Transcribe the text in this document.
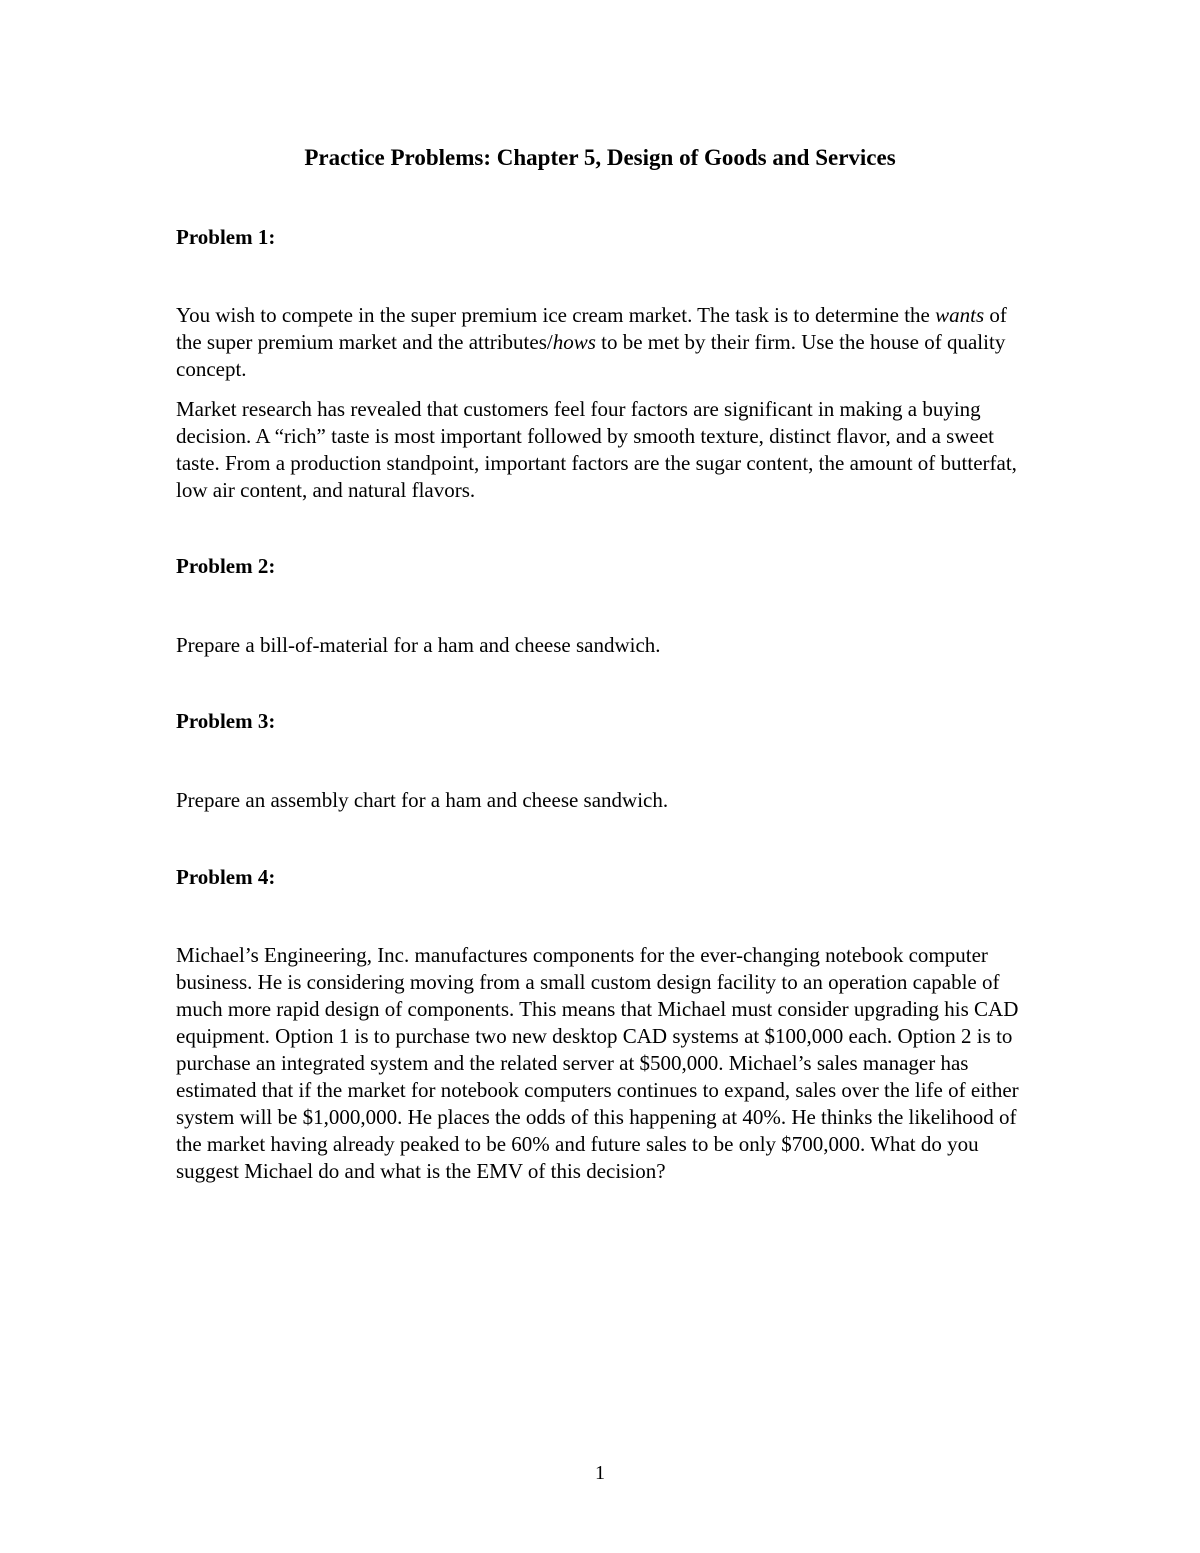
Practice Problems: Chapter 5, Design of Goods and Services
Problem 1:

You wish to compete in the super premium ice cream market. The task is to determine the wants of the super premium market and the attributes/hows to be met by their firm. Use the house of quality concept.

Market research has revealed that customers feel four factors are significant in making a buying decision. A “rich” taste is most important followed by smooth texture, distinct flavor, and a sweet taste. From a production standpoint, important factors are the sugar content, the amount of butterfat, low air content, and natural flavors.

Problem 2:

Prepare a bill-of-material for a ham and cheese sandwich.

Problem 3:

Prepare an assembly chart for a ham and cheese sandwich.

Problem 4:

Michael’s Engineering, Inc. manufactures components for the ever-changing notebook computer business. He is considering moving from a small custom design facility to an operation capable of much more rapid design of components. This means that Michael must consider upgrading his CAD equipment. Option 1 is to purchase two new desktop CAD systems at $100,000 each. Option 2 is to purchase an integrated system and the related server at $500,000. Michael’s sales manager has estimated that if the market for notebook computers continues to expand, sales over the life of either system will be $1,000,000. He places the odds of this happening at 40%. He thinks the likelihood of the market having already peaked to be 60% and future sales to be only $700,000. What do you suggest Michael do and what is the EMV of this decision?

1
